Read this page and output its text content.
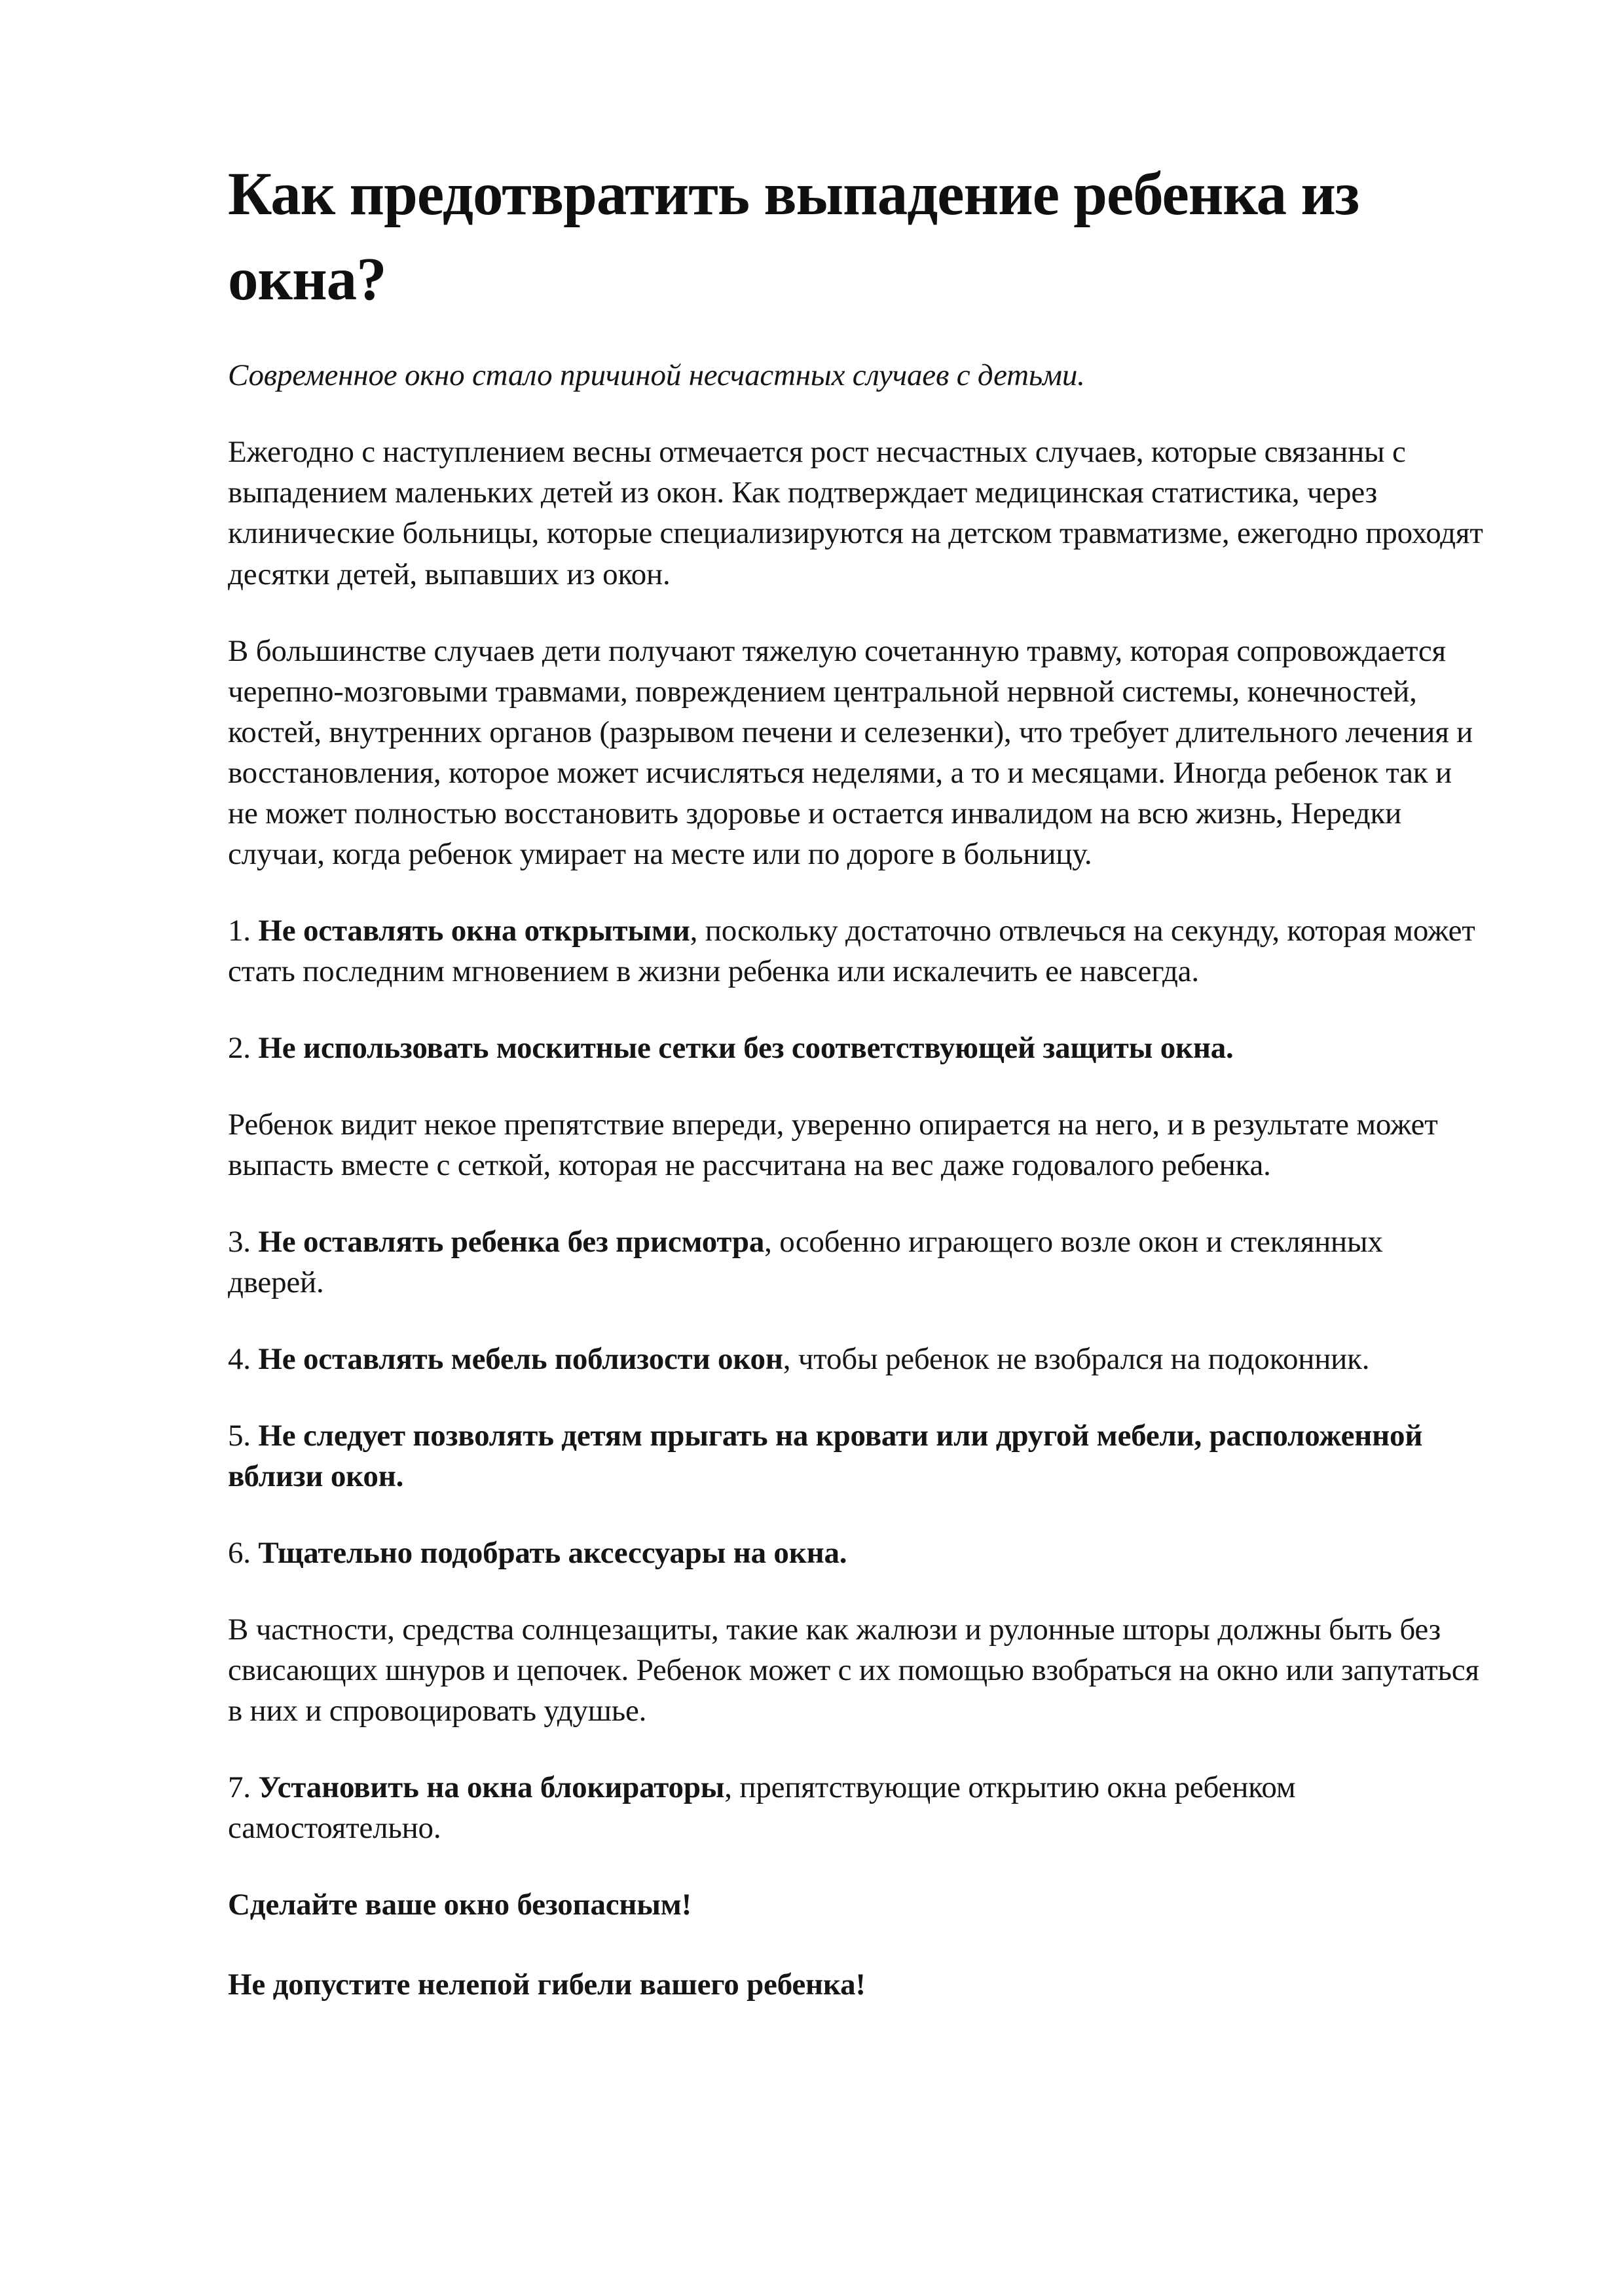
Как предотвратить выпадение ребенка из окна?

Современное окно стало причиной несчастных случаев с детьми.

Ежегодно с наступлением весны отмечается рост несчастных случаев, которые связанны с выпадением маленьких детей из окон. Как подтверждает медицинская статистика, через клинические больницы, которые специализируются на детском травматизме, ежегодно проходят десятки детей, выпавших из окон.

В большинстве случаев дети получают тяжелую сочетанную травму, которая сопровождается черепно-мозговыми травмами, повреждением центральной нервной системы, конечностей, костей, внутренних органов (разрывом печени и селезенки), что требует длительного лечения и восстановления, которое может исчисляться неделями, а то и месяцами. Иногда ребенок так и не может полностью восстановить здоровье и остается инвалидом на всю жизнь, Нередки случаи, когда ребенок умирает на месте или по дороге в больницу.

1. Не оставлять окна открытыми, поскольку достаточно отвлечься на секунду, которая может стать последним мгновением в жизни ребенка или искалечить ее навсегда.

2. Не использовать москитные сетки без соответствующей защиты окна.

Ребенок видит некое препятствие впереди, уверенно опирается на него, и в результате может выпасть вместе с сеткой, которая не рассчитана на вес даже годовалого ребенка.

3. Не оставлять ребенка без присмотра, особенно играющего возле окон и стеклянных дверей.

4. Не оставлять мебель поблизости окон, чтобы ребенок не взобрался на подоконник.

5. Не следует позволять детям прыгать на кровати или другой мебели, расположенной вблизи окон.

6. Тщательно подобрать аксессуары на окна.

В частности, средства солнцезащиты, такие как жалюзи и рулонные шторы должны быть без свисающих шнуров и цепочек. Ребенок может с их помощью взобраться на окно или запутаться в них и спровоцировать удушье.

7. Установить на окна блокираторы, препятствующие открытию окна ребенком самостоятельно.

Сделайте ваше окно безопасным!

Не допустите нелепой гибели вашего ребенка!
